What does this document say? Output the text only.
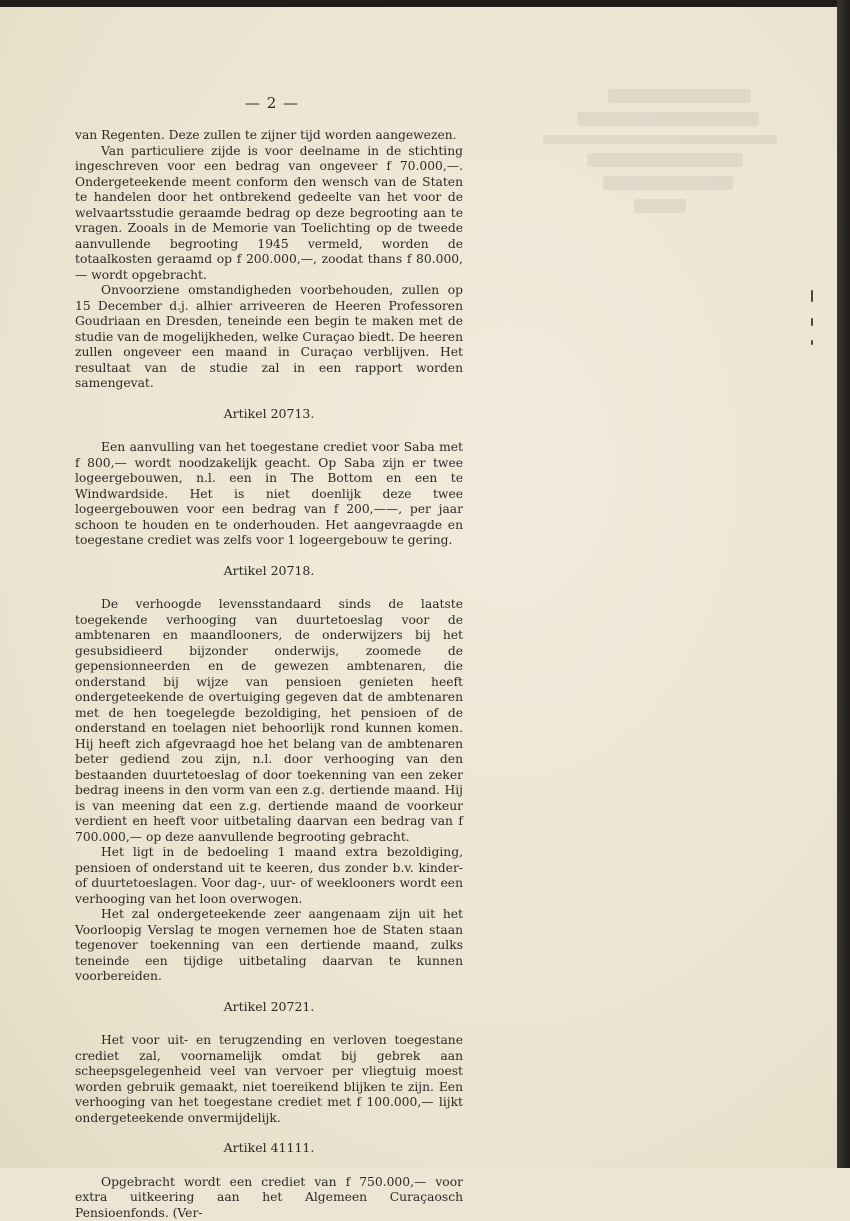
— 2 —

van Regenten. Deze zullen te zijner tijd worden aangewezen.

Van particuliere zijde is voor deelname in de stichting ingeschreven voor een bedrag van ongeveer f 70.000,—. Ondergeteekende meent conform den wensch van de Staten te handelen door het ontbrekend gedeelte van het voor de welvaartsstudie geraamde bedrag op deze begrooting aan te vragen. Zooals in de Memorie van Toelichting op de tweede aanvullende begrooting 1945 vermeld, worden de totaalkosten geraamd op f 200.000,—, zoodat thans f 80.000,— wordt opgebracht.

Onvoorziene omstandigheden voorbehouden, zullen op 15 December d.j. alhier arriveeren de Heeren Professoren Goudriaan en Dresden, teneinde een begin te maken met de studie van de mogelijkheden, welke Curaçao biedt. De heeren zullen ongeveer een maand in Curaçao verblijven. Het resultaat van de studie zal in een rapport worden samengevat.

Artikel 20713.

Een aanvulling van het toegestane crediet voor Saba met f 800,— wordt noodzakelijk geacht. Op Saba zijn er twee logeergebouwen, n.l. een in The Bottom en een te Windwardside. Het is niet doenlijk deze twee logeergebouwen voor een bedrag van f 200,——, per jaar schoon te houden en te onderhouden. Het aangevraagde en toegestane crediet was zelfs voor 1 logeergebouw te gering.

Artikel 20718.

De verhoogde levensstandaard sinds de laatste toegekende verhooging van duurtetoeslag voor de ambtenaren en maandlooners, de onderwijzers bij het gesubsidieerd bijzonder onderwijs, zoomede de gepensionneerden en de gewezen ambtenaren, die onderstand bij wijze van pensioen genieten heeft ondergeteekende de overtuiging gegeven dat de ambtenaren met de hen toegelegde bezoldiging, het pensioen of de onderstand en toelagen niet behoorlijk rond kunnen komen. Hij heeft zich afgevraagd hoe het belang van de ambtenaren beter gediend zou zijn, n.l. door verhooging van den bestaanden duurtetoeslag of door toekenning van een zeker bedrag ineens in den vorm van een z.g. dertiende maand. Hij is van meening dat een z.g. dertiende maand de voorkeur verdient en heeft voor uitbetaling daarvan een bedrag van f 700.000,— op deze aanvullende begrooting gebracht.

Het ligt in de bedoeling 1 maand extra bezoldiging, pensioen of onderstand uit te keeren, dus zonder b.v. kinder- of duurtetoeslagen. Voor dag-, uur- of weeklooners wordt een verhooging van het loon overwogen.

Het zal ondergeteekende zeer aangenaam zijn uit het Voorloopig Verslag te mogen vernemen hoe de Staten staan tegenover toekenning van een dertiende maand, zulks teneinde een tijdige uitbetaling daarvan te kunnen voorbereiden.

Artikel 20721.

Het voor uit- en terugzending en verloven toegestane crediet zal, voornamelijk omdat bij gebrek aan scheepsgelegenheid veel van vervoer per vliegtuig moest worden gebruik gemaakt, niet toereikend blijken te zijn. Een verhooging van het toegestane crediet met f 100.000,— lijkt ondergeteekende onvermijdelijk.

Artikel 41111.

Opgebracht wordt een crediet van f 750.000,— voor extra uitkeering aan het Algemeen Curaçaosch Pensioenfonds. (Ver-
